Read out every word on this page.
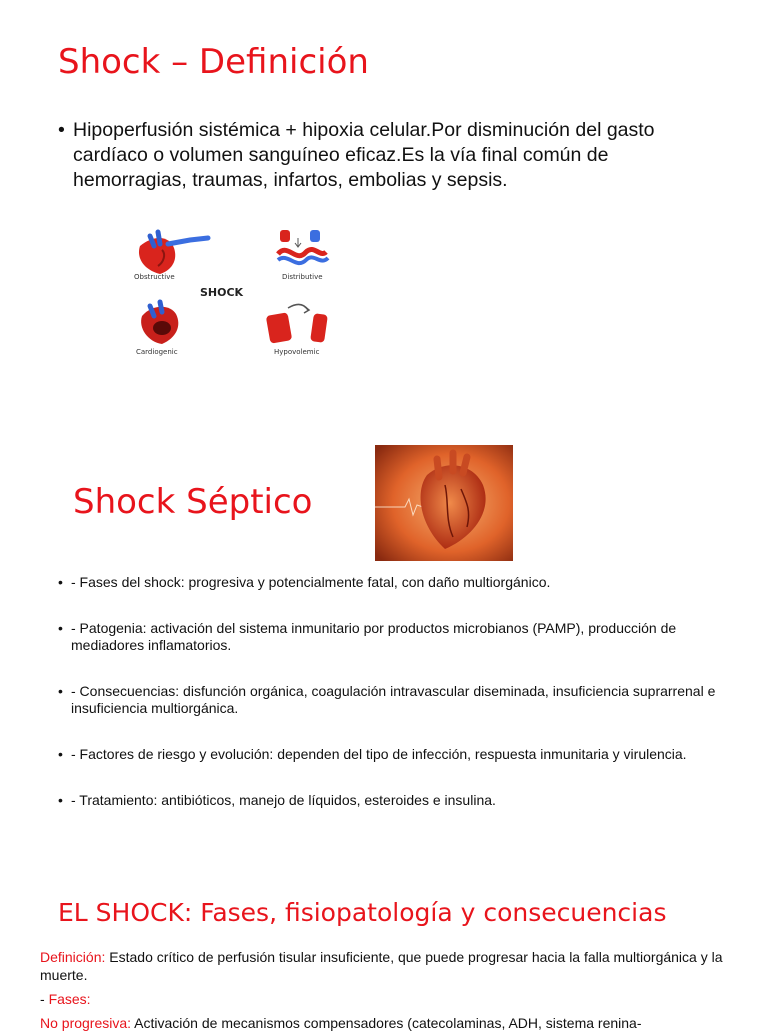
Shock – Definición
• Hipoperfusión sistémica + hipoxia celular.Por disminución del gasto cardíaco o volumen sanguíneo eficaz.Es la vía final común de hemorragias, traumas, infartos, embolias y sepsis.
Obstructive	Distributive
SHOCK
Cardiogenic	Hypovolemic
Shock Séptico
• - Fases del shock: progresiva y potencialmente fatal, con daño multiorgánico.
• - Patogenia: activación del sistema inmunitario por productos microbianos (PAMP), producción de mediadores inflamatorios.
• - Consecuencias: disfunción orgánica, coagulación intravascular diseminada, insuficiencia suprarrenal e insuficiencia multiorgánica.
• - Factores de riesgo y evolución: dependen del tipo de infección, respuesta inmunitaria y virulencia.
• - Tratamiento: antibióticos, manejo de líquidos, esteroides e insulina.
EL SHOCK: Fases, fisiopatología y consecuencias
Definición: Estado crítico de perfusión tisular insuficiente, que puede progresar hacia la falla multiorgánica y la muerte.
- Fases:
No progresiva: Activación de mecanismos compensadores (catecolaminas, ADH, sistema renina-
